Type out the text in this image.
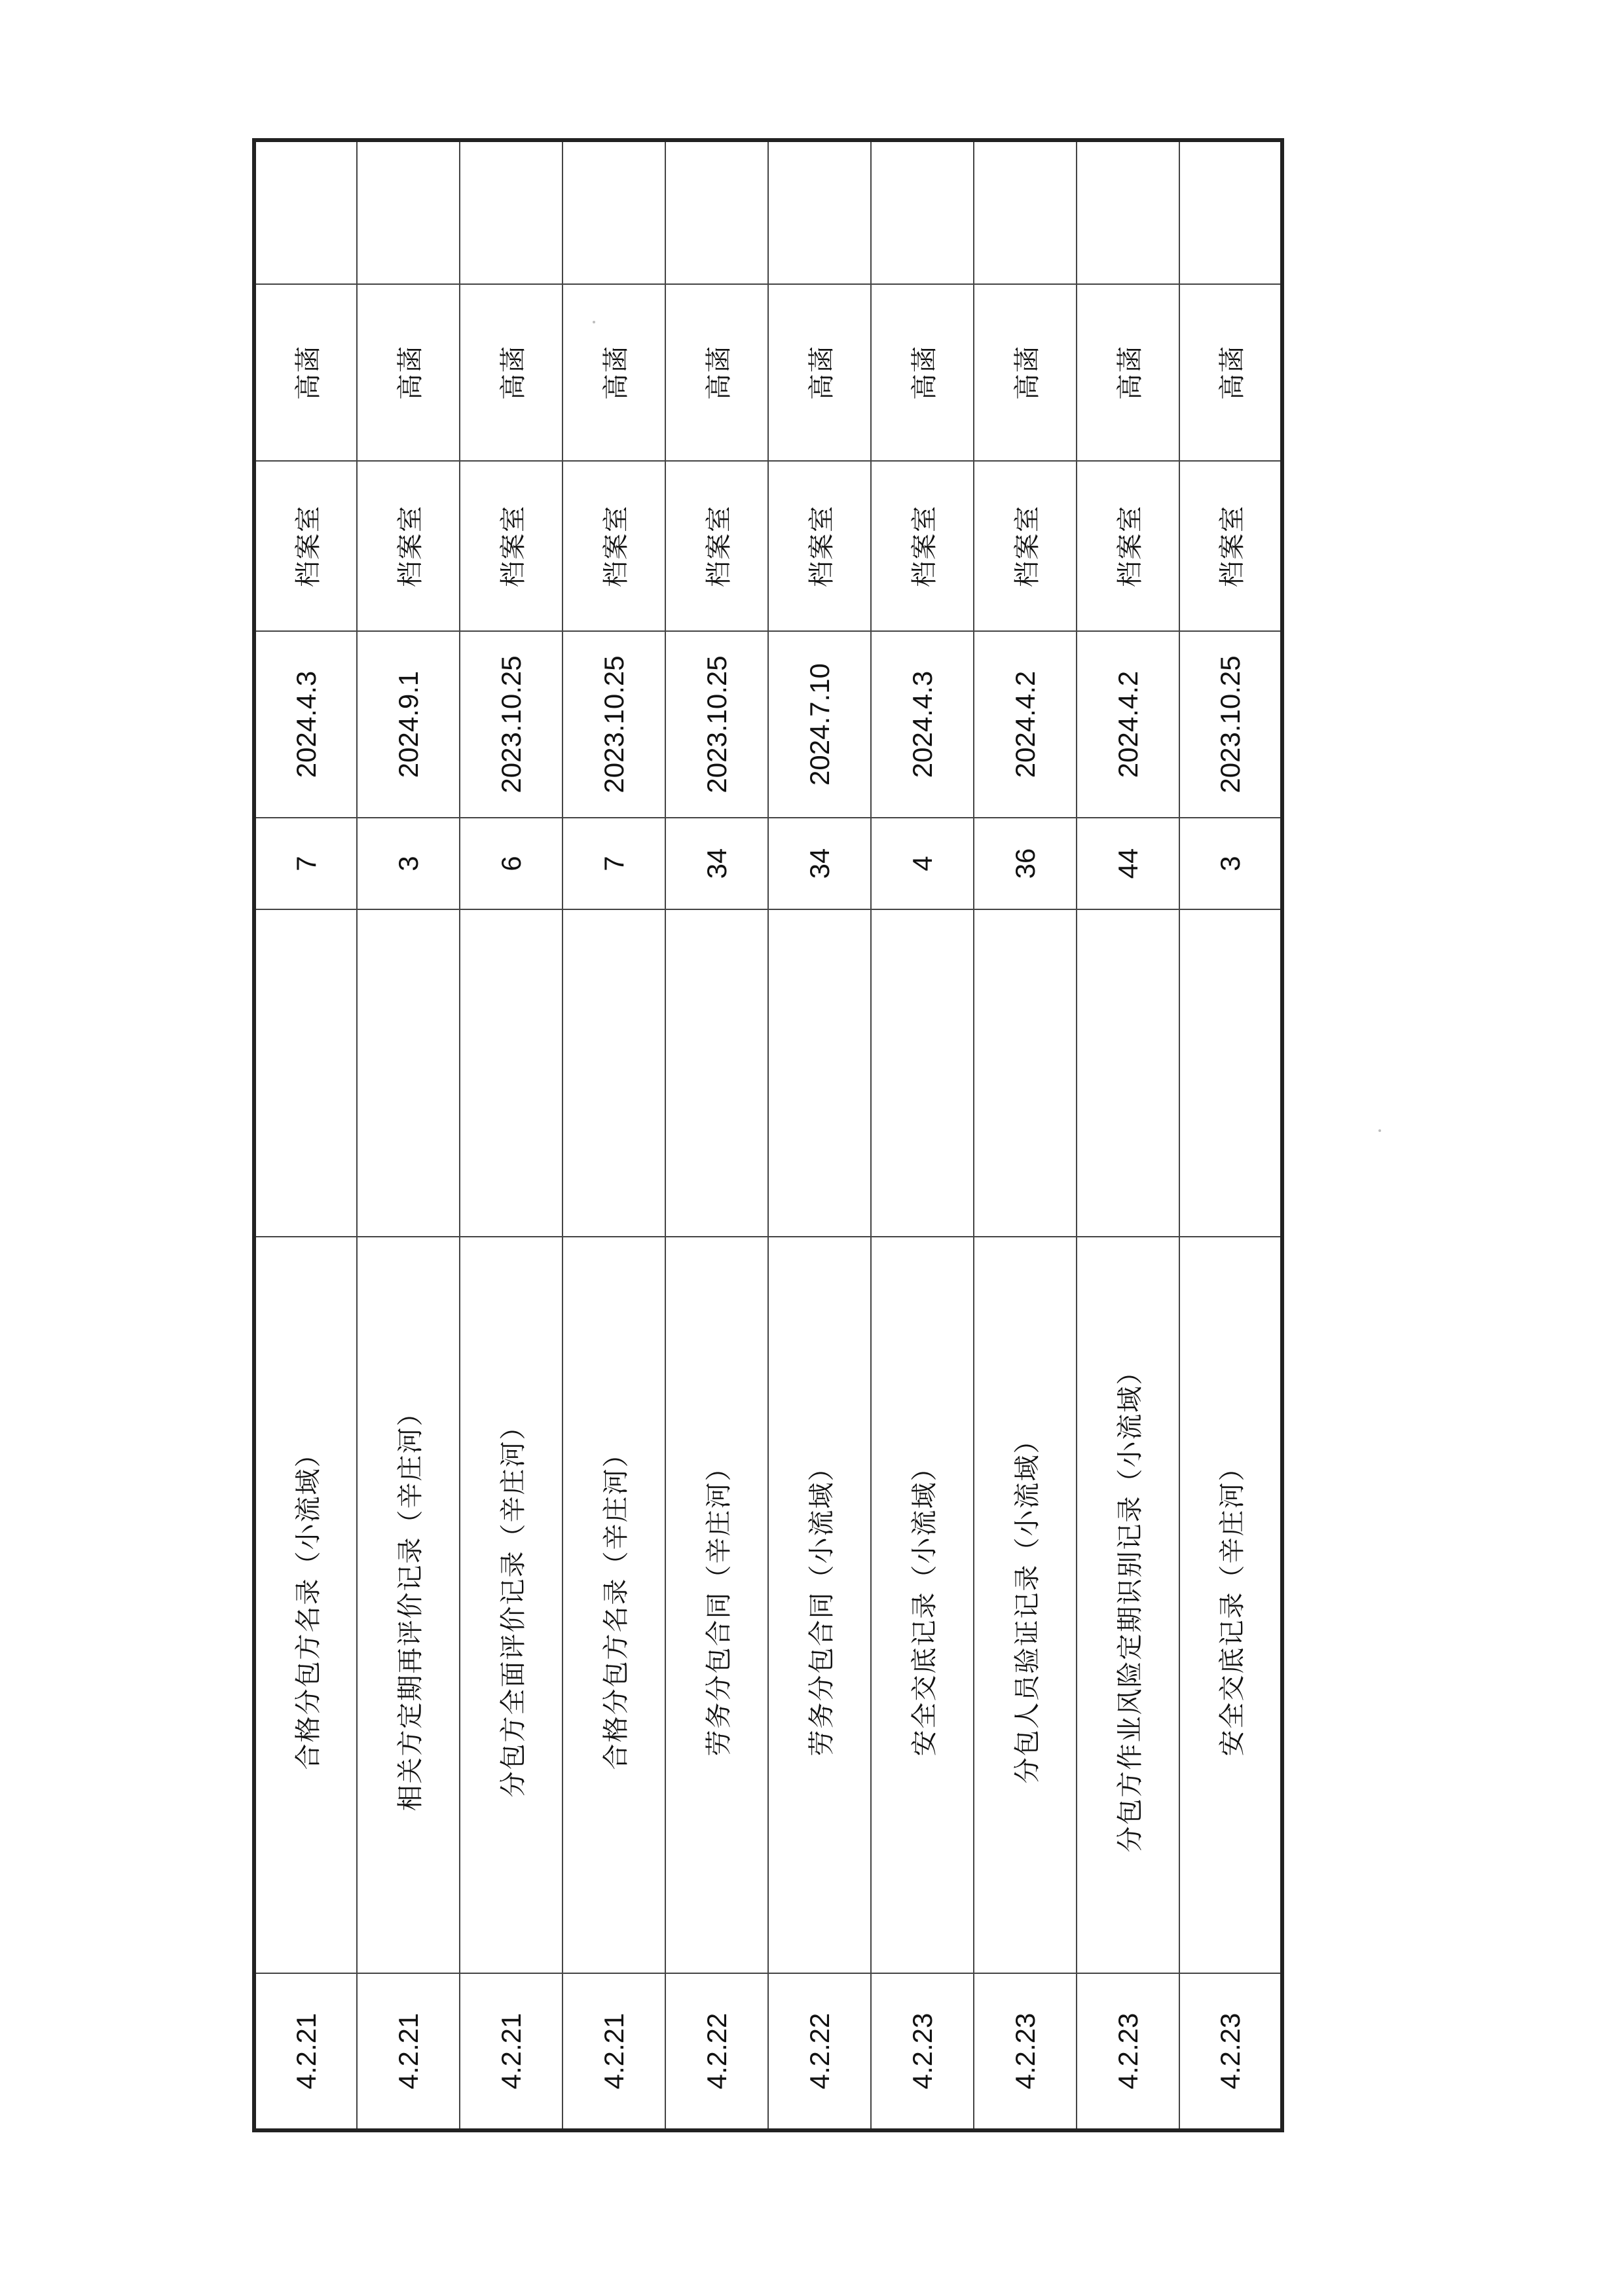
4.2.21	合格分包方名录（小流域）		7	2024.4.3	档案室	高菡	
4.2.21	相关方定期再评价记录（辛庄河）		3	2024.9.1	档案室	高菡	
4.2.21	分包方全面评价记录（辛庄河）		6	2023.10.25	档案室	高菡	
4.2.21	合格分包方名录（辛庄河）		7	2023.10.25	档案室	高菡	
4.2.22	劳务分包合同（辛庄河）		34	2023.10.25	档案室	高菡	
4.2.22	劳务分包合同（小流域）		34	2024.7.10	档案室	高菡	
4.2.23	安全交底记录（小流域）		4	2024.4.3	档案室	高菡	
4.2.23	分包人员验证记录（小流域）		36	2024.4.2	档案室	高菡	
4.2.23	分包方作业风险定期识别记录（小流域）		44	2024.4.2	档案室	高菡	
4.2.23	安全交底记录（辛庄河）		3	2023.10.25	档案室	高菡	
